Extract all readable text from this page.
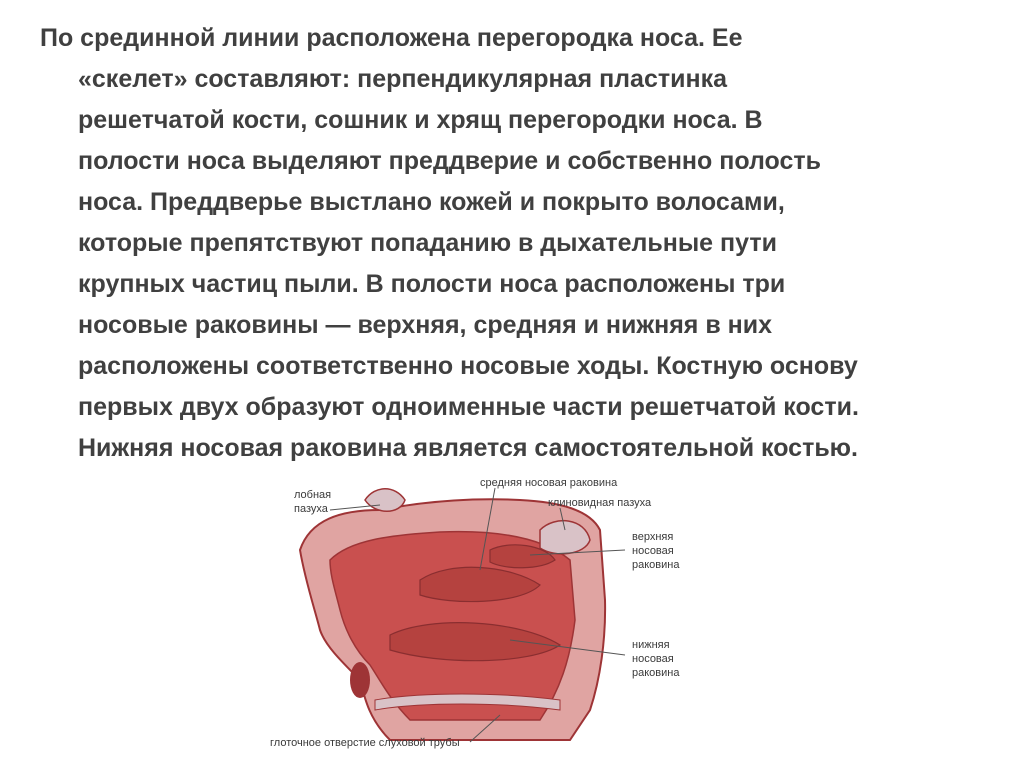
По срединной линии расположена перегородка носа. Ее
«скелет» составляют: перпендикулярная пластинка
решетчатой кости, сошник и хрящ перегородки носа. В
полости носа выделяют преддверие и собственно полость
носа. Преддверье выстлано кожей и покрыто волосами,
которые препятствуют попаданию в дыхательные пути
крупных частиц пыли. В полости носа расположены три
носовые раковины — верхняя, средняя и нижняя в них
расположены соответственно носовые ходы. Костную основу
первых двух образуют одноименные части решетчатой кости.
Нижняя носовая раковина является самостоятельной костью.
лобная
пазуха
средняя носовая раковина
клиновидная пазуха
верхняя
носовая
раковина
нижняя
носовая
раковина
глоточное отверстие слуховой трубы
